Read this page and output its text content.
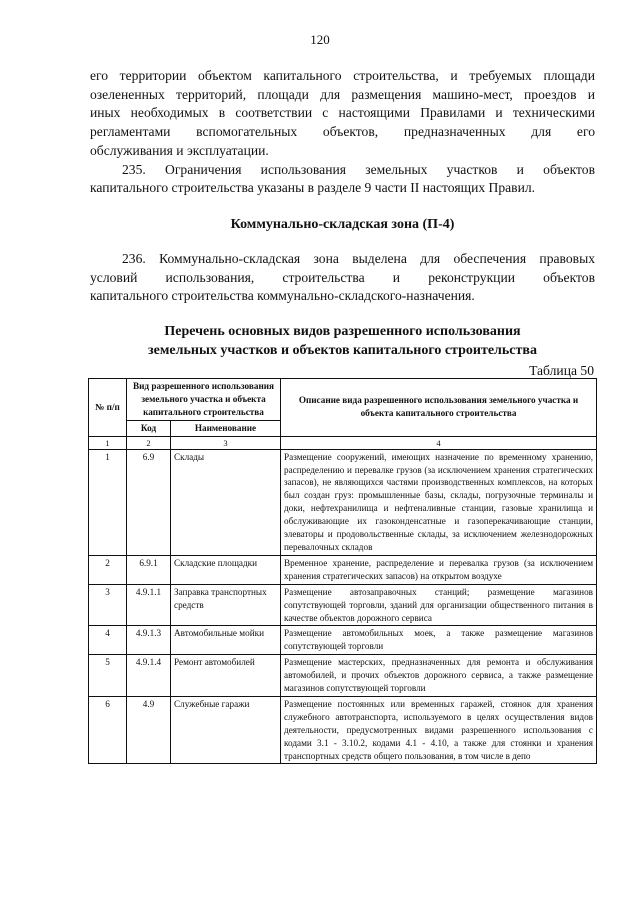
120

его территории объектом капитального строительства, и требуемых площади

озелененных территорий, площади для размещения машино-мест, проездов и

иных необходимых в соответствии с настоящими Правилами и техническими

регламентами вспомогательных объектов, предназначенных для его

обслуживания и эксплуатации.

235. Ограничения использования земельных участков и объектов

капитального строительства указаны в разделе 9 части II настоящих Правил.

Коммунально-складская зона (П-4)

236. Коммунально-складская зона выделена для обеспечения правовых

условий использования, строительства и реконструкции объектов

капитального строительства коммунально-складского-назначения.

Перечень основных видов разрешенного использования

земельных участков и объектов капитального строительства

Таблица 50
№ п/п	Вид разрешенного использования земельного участка и объекта капитального строительства		Описание вида разрешенного использования земельного участка и объекта капитального строительства
	Код	Наименование	
1	2	3	4
1	6.9	Склады	Размещение сооружений, имеющих назначение по временному хранению, распределению и перевалке грузов (за исключением хранения стратегических запасов), не являющихся частями производственных комплексов, на которых был создан груз: промышленные базы, склады, погрузочные терминалы и доки, нефтехранилища и нефтеналивные станции, газовые хранилища и обслуживающие их газоконденсатные и газоперекачивающие станции, элеваторы и продовольственные склады, за исключением железнодорожных перевалочных складов
2	6.9.1	Складские площадки	Временное хранение, распределение и перевалка грузов (за исключением хранения стратегических запасов) на открытом воздухе
3	4.9.1.1	Заправка транспортных средств	Размещение автозаправочных станций; размещение магазинов сопутствующей торговли, зданий для организации общественного питания в качестве объектов дорожного сервиса
4	4.9.1.3	Автомобильные мойки	Размещение автомобильных моек, а также размещение магазинов сопутствующей торговли
5	4.9.1.4	Ремонт автомобилей	Размещение мастерских, предназначенных для ремонта и обслуживания автомобилей, и прочих объектов дорожного сервиса, а также размещение магазинов сопутствующей торговли
6	4.9	Служебные гаражи	Размещение постоянных или временных гаражей, стоянок для хранения служебного автотранспорта, используемого в целях осуществления видов деятельности, предусмотренных видами разрешенного использования с кодами 3.1 - 3.10.2, кодами 4.1 - 4.10, а также для стоянки и хранения транспортных средств общего пользования, в том числе в депо
